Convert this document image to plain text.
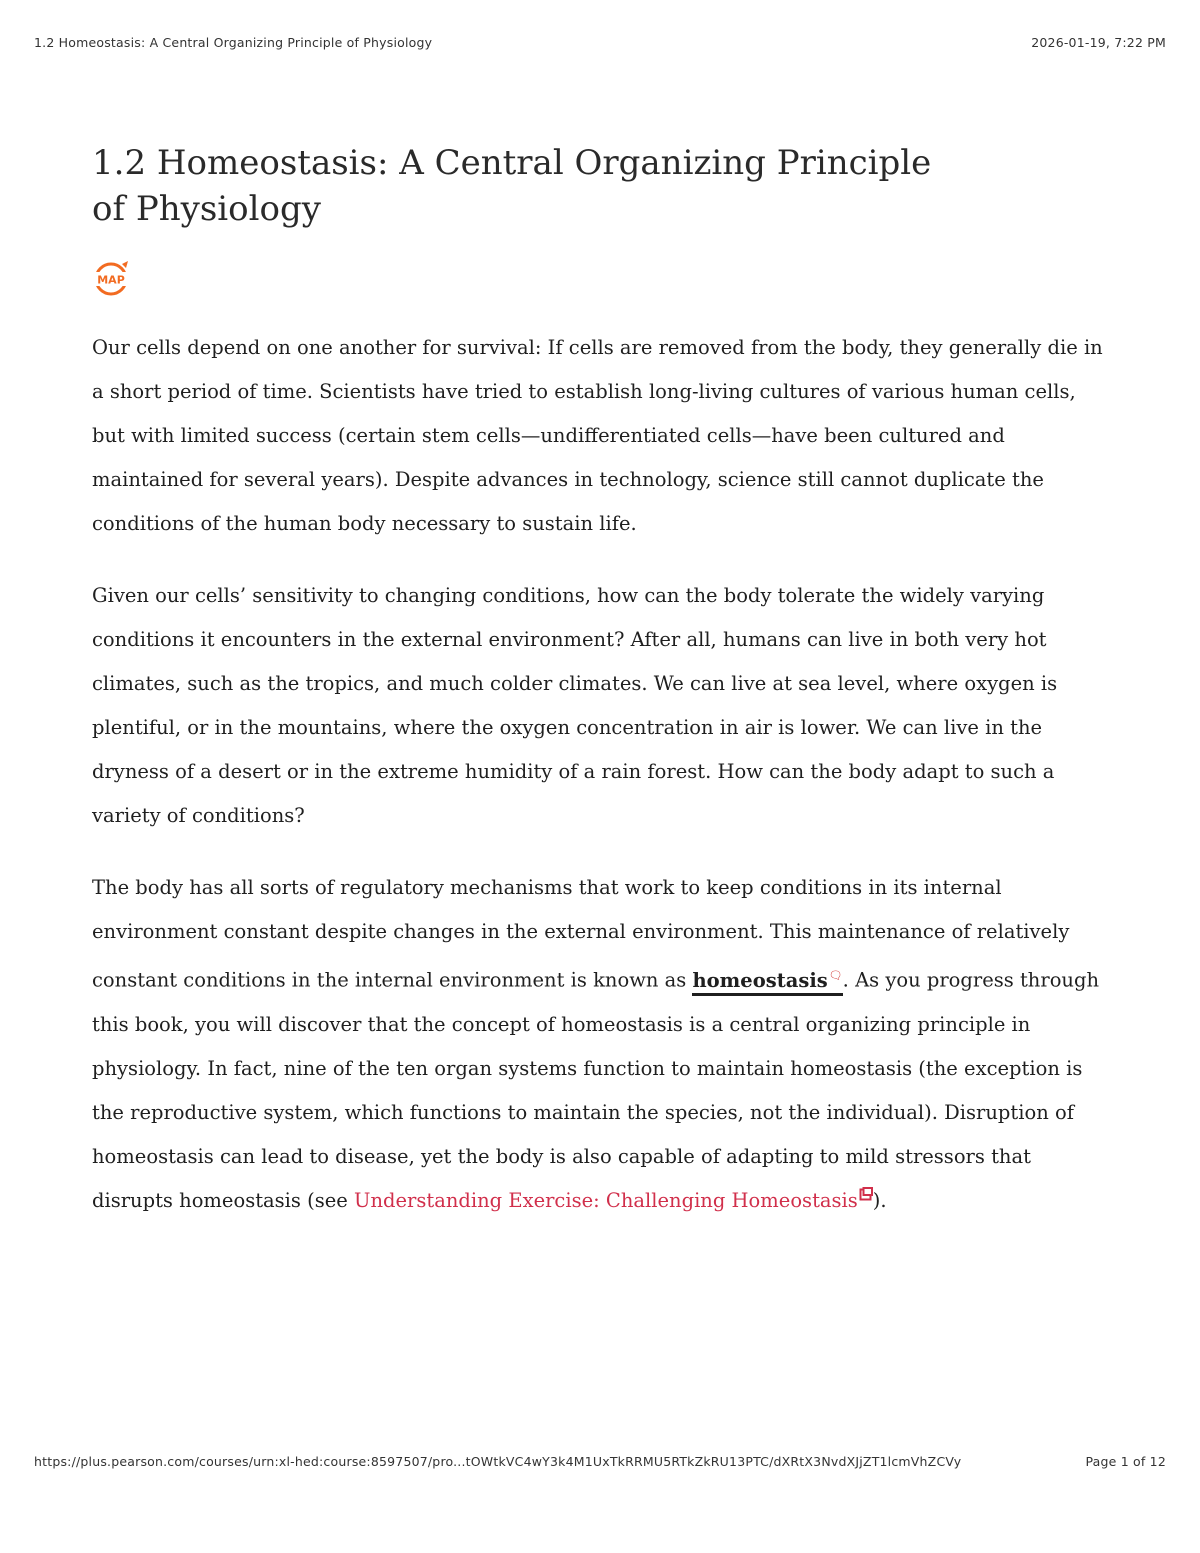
1.2 Homeostasis: A Central Organizing Principle of Physiology	2026-01-19, 7:22 PM
1.2 Homeostasis: A Central Organizing Principle of Physiology
MAP

Our cells depend on one another for survival: If cells are removed from the body, they generally die in a short period of time. Scientists have tried to establish long-living cultures of various human cells, but with limited success (certain stem cells—undifferentiated cells—have been cultured and maintained for several years). Despite advances in technology, science still cannot duplicate the conditions of the human body necessary to sustain life.

Given our cells’ sensitivity to changing conditions, how can the body tolerate the widely varying conditions it encounters in the external environment? After all, humans can live in both very hot climates, such as the tropics, and much colder climates. We can live at sea level, where oxygen is plentiful, or in the mountains, where the oxygen concentration in air is lower. We can live in the dryness of a desert or in the extreme humidity of a rain forest. How can the body adapt to such a variety of conditions?

The body has all sorts of regulatory mechanisms that work to keep conditions in its internal environment constant despite changes in the external environment. This maintenance of relatively constant conditions in the internal environment is known as homeostasis🗨. As you progress through this book, you will discover that the concept of homeostasis is a central organizing principle in physiology. In fact, nine of the ten organ systems function to maintain homeostasis (the exception is the reproductive system, which functions to maintain the species, not the individual). Disruption of homeostasis can lead to disease, yet the body is also capable of adapting to mild stressors that disrupts homeostasis (see Understanding Exercise: Challenging Homeostasis ).

https://plus.pearson.com/courses/urn:xl-hed:course:8597507/pro...tOWtkVC4wY3k4M1UxTkRRMU5RTkZkRU13PTC/dXRtX3NvdXJjZT1lcmVhZCVy	Page 1 of 12
